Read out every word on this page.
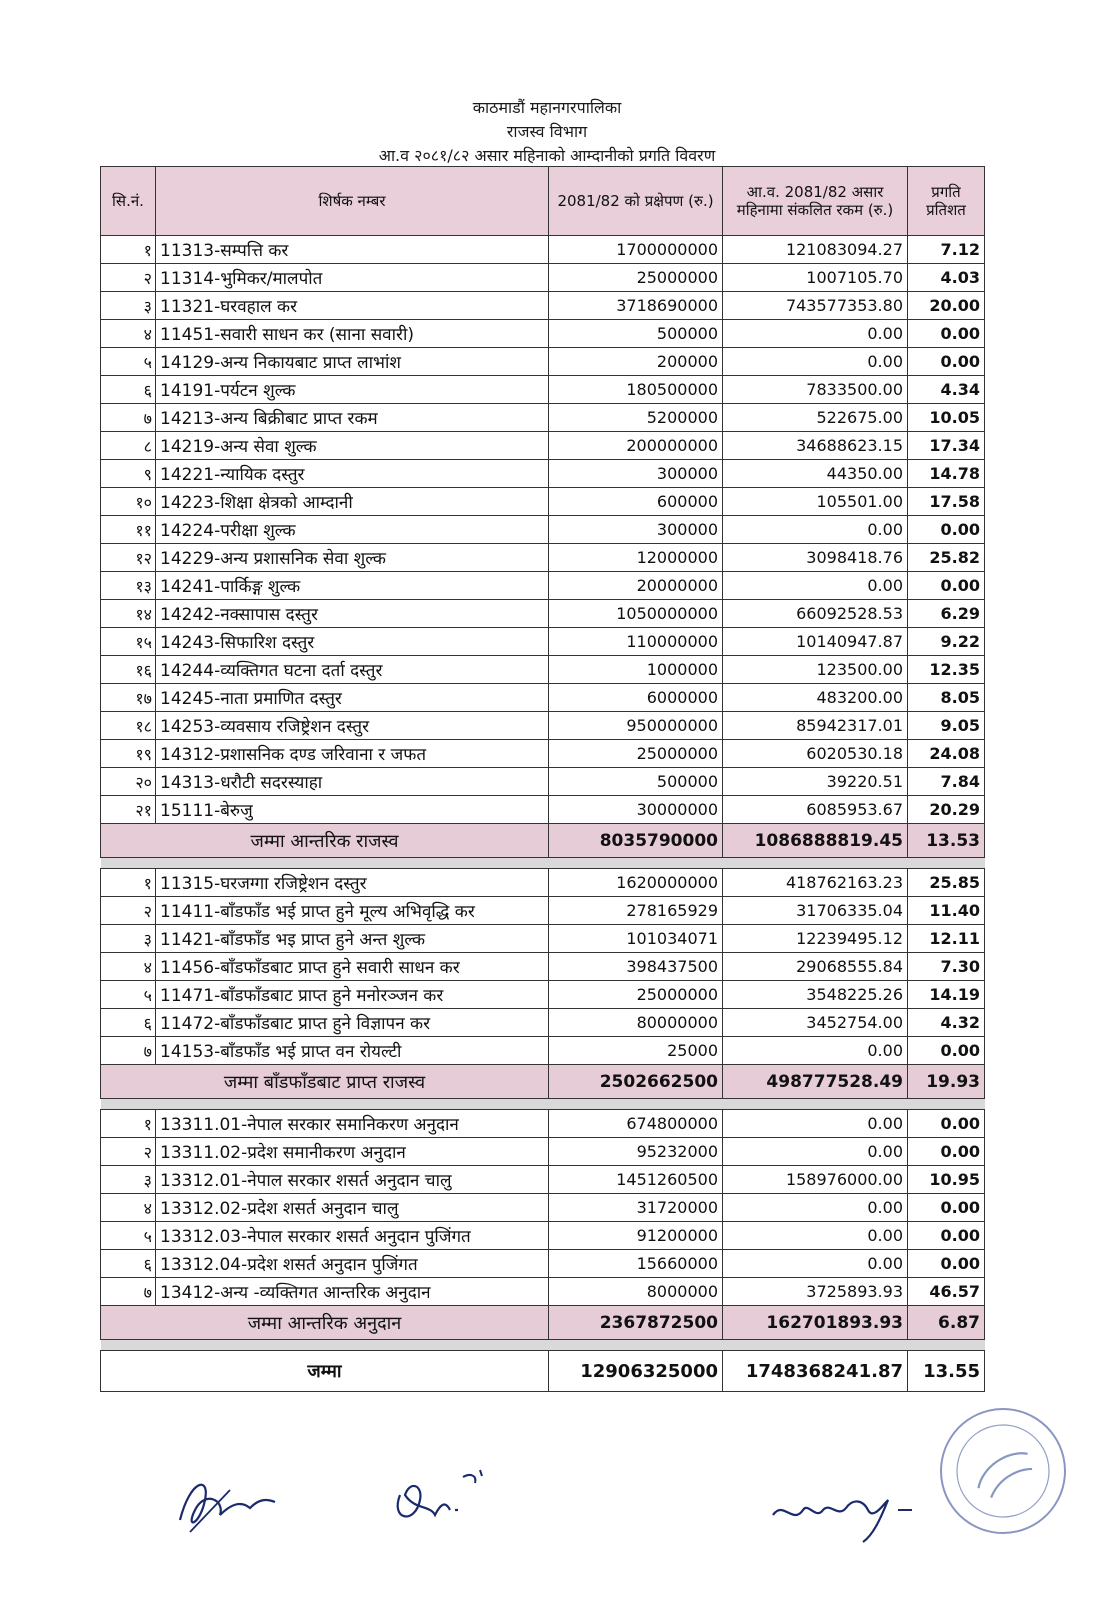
काठमाडौं महानगरपालिका
राजस्व विभाग
आ.व २०८१/८२ असार महिनाको आम्दानीको प्रगति विवरण
सि.नं.	शिर्षक नम्बर	2081/82 को प्रक्षेपण (रु.)	आ.व. 2081/82 असार महिनामा संकलित रकम (रु.)	प्रगति प्रतिशत
१	11313-सम्पत्ति कर	1700000000	121083094.27	7.12
२	11314-भुमिकर/मालपोत	25000000	1007105.70	4.03
३	11321-घरवहाल कर	3718690000	743577353.80	20.00
४	11451-सवारी साधन कर (साना सवारी)	500000	0.00	0.00
५	14129-अन्य निकायबाट प्राप्त लाभांश	200000	0.00	0.00
६	14191-पर्यटन शुल्क	180500000	7833500.00	4.34
७	14213-अन्य बिक्रीबाट प्राप्त रकम	5200000	522675.00	10.05
८	14219-अन्य सेवा शुल्क	200000000	34688623.15	17.34
९	14221-न्यायिक दस्तुर	300000	44350.00	14.78
१०	14223-शिक्षा क्षेत्रको आम्दानी	600000	105501.00	17.58
११	14224-परीक्षा शुल्क	300000	0.00	0.00
१२	14229-अन्य प्रशासनिक सेवा शुल्क	12000000	3098418.76	25.82
१३	14241-पार्किङ्ग शुल्क	20000000	0.00	0.00
१४	14242-नक्सापास दस्तुर	1050000000	66092528.53	6.29
१५	14243-सिफारिश दस्तुर	110000000	10140947.87	9.22
१६	14244-व्यक्तिगत घटना दर्ता दस्तुर	1000000	123500.00	12.35
१७	14245-नाता प्रमाणित दस्तुर	6000000	483200.00	8.05
१८	14253-व्यवसाय रजिष्ट्रेशन दस्तुर	950000000	85942317.01	9.05
१९	14312-प्रशासनिक दण्ड जरिवाना र जफत	25000000	6020530.18	24.08
२०	14313-धरौटी सदरस्याहा	500000	39220.51	7.84
२१	15111-बेरुजु	30000000	6085953.67	20.29
जम्मा आन्तरिक राजस्व		8035790000	1086888819.45	13.53

१	11315-घरजग्गा रजिष्ट्रेशन दस्तुर	1620000000	418762163.23	25.85
२	11411-बाँडफाँड भई प्राप्त हुने मूल्य अभिवृद्धि कर	278165929	31706335.04	11.40
३	11421-बाँडफाँड भइ प्राप्त हुने अन्त शुल्क	101034071	12239495.12	12.11
४	11456-बाँडफाँडबाट प्राप्त हुने सवारी साधन कर	398437500	29068555.84	7.30
५	11471-बाँडफाँडबाट प्राप्त हुने मनोरञ्जन कर	25000000	3548225.26	14.19
६	11472-बाँडफाँडबाट प्राप्त हुने विज्ञापन कर	80000000	3452754.00	4.32
७	14153-बाँडफाँड भई प्राप्त वन रोयल्टी	25000	0.00	0.00
जम्मा बाँडफाँडबाट प्राप्त राजस्व		2502662500	498777528.49	19.93

१	13311.01-नेपाल सरकार समानिकरण अनुदान	674800000	0.00	0.00
२	13311.02-प्रदेश समानीकरण अनुदान	95232000	0.00	0.00
३	13312.01-नेपाल सरकार शसर्त अनुदान चालु	1451260500	158976000.00	10.95
४	13312.02-प्रदेश शसर्त अनुदान चालु	31720000	0.00	0.00
५	13312.03-नेपाल सरकार शसर्त अनुदान पुजिंगत	91200000	0.00	0.00
६	13312.04-प्रदेश शसर्त अनुदान पुजिंगत	15660000	0.00	0.00
७	13412-अन्य -व्यक्तिगत आन्तरिक अनुदान	8000000	3725893.93	46.57
जम्मा आन्तरिक अनुदान		2367872500	162701893.93	6.87

जम्मा		12906325000	1748368241.87	13.55
